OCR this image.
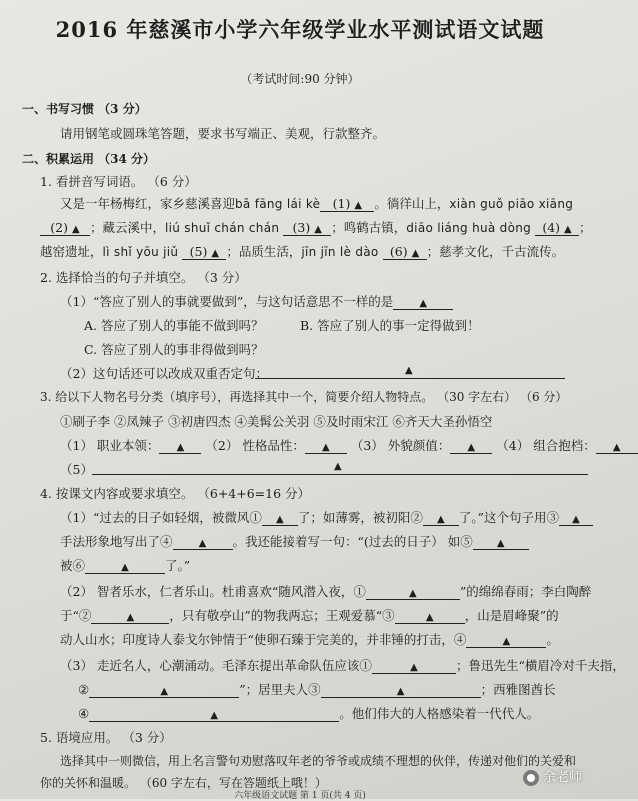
2016 年慈溪市小学六年级学业水平测试语文试题
（考试时间:90 分钟）
一、书写习惯 （3 分）
请用钢笔或圆珠笔答题，要求书写端正、美观，行款整齐。
二、积累运用 （34 分）
1. 看拼音写词语。 （6 分）
又是一年杨梅红，家乡慈溪喜迎bā fāng lái kè (1) ▲ 。徜徉山上，xiàn guǒ piāo xiāng
(2) ▲ ；藏云溪中，liú shuǐ chán chán (3) ▲ ；鸣鹤古镇，diāo liáng huà dòng (4) ▲ ；
越窑遗址，lì shǐ yōu jiǔ (5) ▲ ；品质生活，jīn jīn lè dào (6) ▲ ；慈孝文化，千古流传。
2. 选择恰当的句子并填空。 （3 分）
（1）“答应了别人的事就要做到”，与这句话意思不一样的是	▲
A. 答应了别人的事能不做到吗？	B. 答应了别人的事一定得做到！
C. 答应了别人的事非得做到吗？
（2）这句话还可以改成双重否定句：	▲
3. 给以下人物名号分类（填序号），再选择其中一个，简要介绍人物特点。 （30 字左右） （6 分）
①刷子李 ②凤辣子 ③初唐四杰 ④美髯公关羽 ⑤及时雨宋江 ⑥齐天大圣孙悟空
（1） 职业本领： ▲ （2） 性格品性： ▲ （3） 外貌颜值： ▲ （4） 组合抱档： ▲
（5）	▲
4. 按课文内容或要求填空。 （6+4+6=16 分）
（1）“过去的日子如轻烟，被微风① ▲ 了；如薄雾，被初阳② ▲ 了。”这个句子用③ ▲
手法形象地写出了④	▲ 。我还能接着写一句：“(过去的日子） 如⑤ ▲
被⑥	▲	了。”
（2） 智者乐水，仁者乐山。杜甫喜欢“随风潜入夜，①	▲	”的绵绵春雨；李白陶醉
于“②	▲	，只有敬亭山”的物我两忘；王观爱慕“③	▲ ，山是眉峰聚”的
动人山水；印度诗人泰戈尔钟情于“使卵石臻于完美的，并非锤的打击，④	▲	。
（3） 走近名人，心潮涌动。毛泽东提出革命队伍应该①	▲	；鲁迅先生“横眉冷对千夫指，
②	▲	”；居里夫人③	▲	；西雅图酋长
④	▲	。他们伟大的人格感染着一代代人。
5. 语境应用。 （3 分）
选择其中一则微信，用上名言警句劝慰落叹年老的爷爷或成绩不理想的伙伴，传递对他们的关爱和
你的关怀和温暖。 （60 字左右，写在答题纸上哦！）	余老师
六年级语文试题 第 1 页(共 4 页)
